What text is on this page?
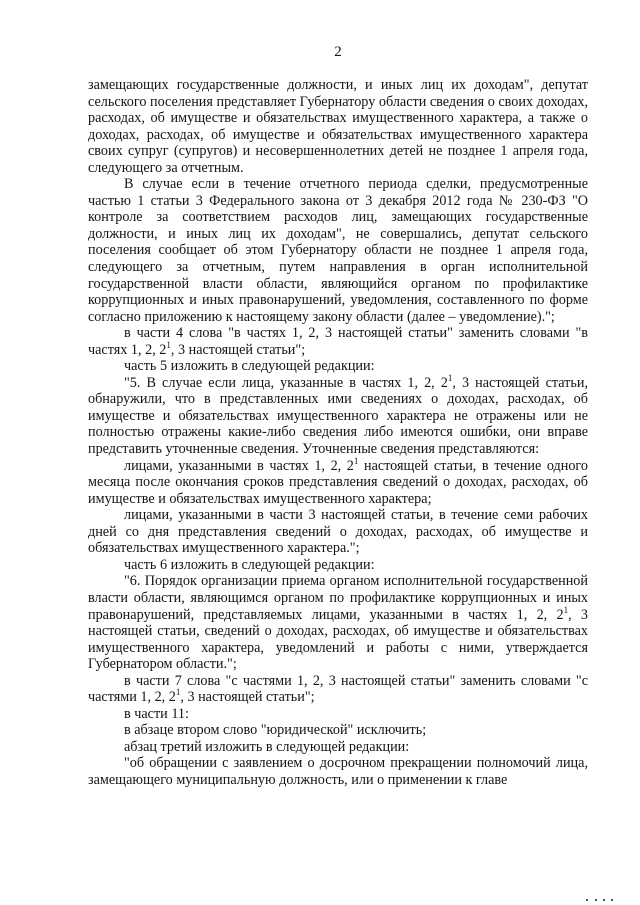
2

замещающих государственные должности, и иных лиц их доходам", депутат сельского поселения представляет Губернатору области сведения о своих доходах, расходах, об имуществе и обязательствах имущественного характера, а также о доходах, расходах, об имуществе и обязательствах имущественного характера своих супруг (супругов) и несовершеннолетних детей не позднее 1 апреля года, следующего за отчетным.

В случае если в течение отчетного периода сделки, предусмотренные частью 1 статьи 3 Федерального закона от 3 декабря 2012 года № 230-ФЗ "О контроле за соответствием расходов лиц, замещающих государственные должности, и иных лиц их доходам", не совершались, депутат сельского поселения сообщает об этом Губернатору области не позднее 1 апреля года, следующего за отчетным, путем направления в орган исполнительной государственной власти области, являющийся органом по профилактике коррупционных и иных правонарушений, уведомления, составленного по форме согласно приложению к настоящему закону области (далее – уведомление).";

в части 4 слова "в частях 1, 2, 3 настоящей статьи" заменить словами "в частях 1, 2, $2^1$, 3 настоящей статьи";

часть 5 изложить в следующей редакции:

"5. В случае если лица, указанные в частях 1, 2, $2^1$, 3 настоящей статьи, обнаружили, что в представленных ими сведениях о доходах, расходах, об имуществе и обязательствах имущественного характера не отражены или не полностью отражены какие-либо сведения либо имеются ошибки, они вправе представить уточненные сведения. Уточненные сведения представляются:

лицами, указанными в частях 1, 2, $2^1$ настоящей статьи, в течение одного месяца после окончания сроков представления сведений о доходах, расходах, об имуществе и обязательствах имущественного характера;

лицами, указанными в части 3 настоящей статьи, в течение семи рабочих дней со дня представления сведений о доходах, расходах, об имуществе и обязательствах имущественного характера.";

часть 6 изложить в следующей редакции:

"6. Порядок организации приема органом исполнительной государственной власти области, являющимся органом по профилактике коррупционных и иных правонарушений, представляемых лицами, указанными в частях 1, 2, $2^1$, 3 настоящей статьи, сведений о доходах, расходах, об имуществе и обязательствах имущественного характера, уведомлений и работы с ними, утверждается Губернатором области.";

в части 7 слова "с частями 1, 2, 3 настоящей статьи" заменить словами "с частями 1, 2, $2^1$, 3 настоящей статьи";

в части 11:

в абзаце втором слово "юридической" исключить;

абзац третий изложить в следующей редакции:

"об обращении с заявлением о досрочном прекращении полномочий лица, замещающего муниципальную должность, или о применении к главе
